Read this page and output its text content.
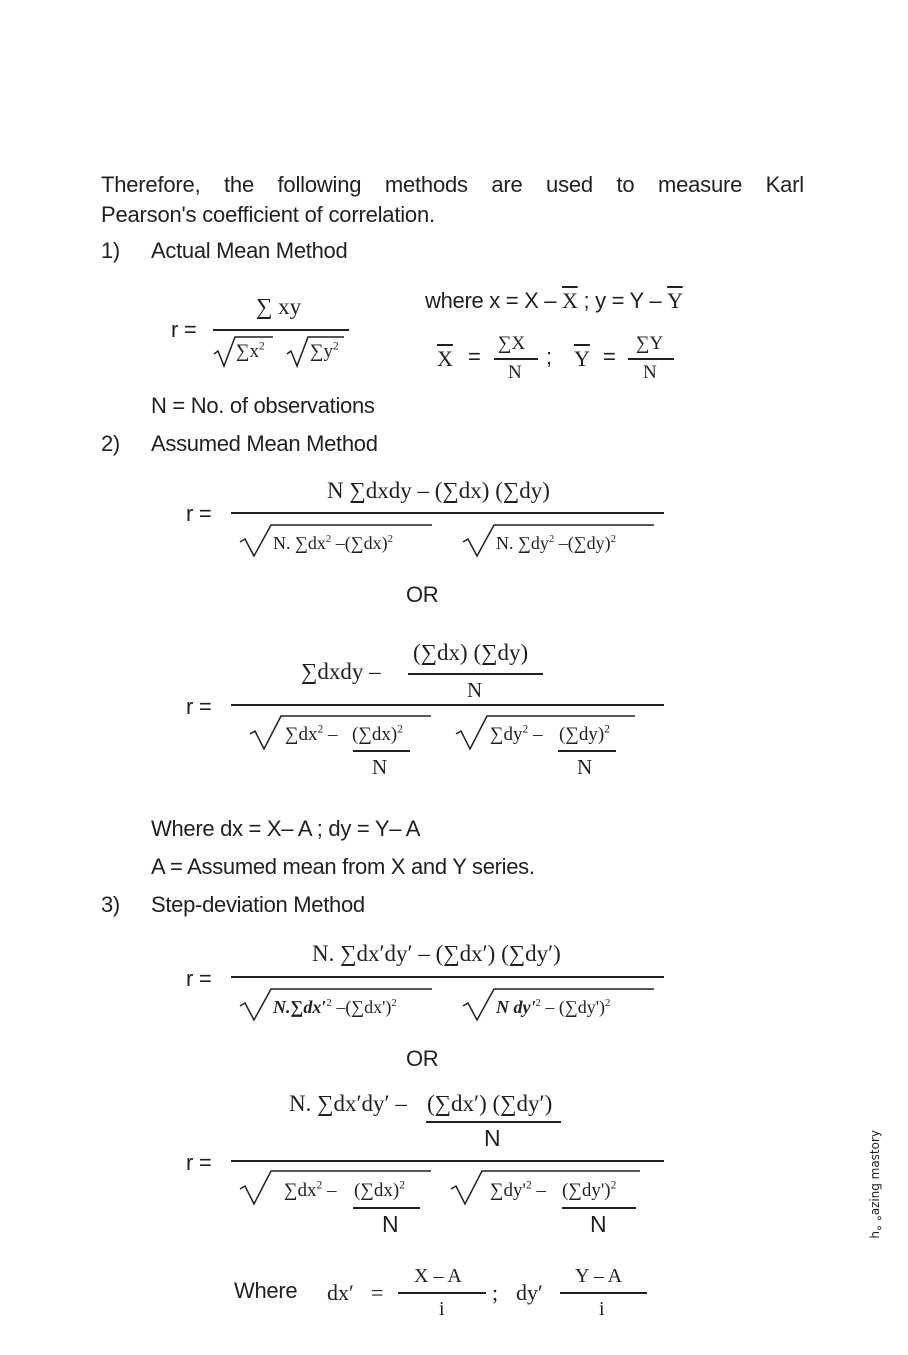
Therefore, the following methods are used to measure Karl
Pearson's coefficient of correlation.
1) Actual Mean Method
r =
∑ xy
$\sum x^2$ $\sum y^2$
where $x = X - \overline{X}$ ; $y = Y - \overline{Y}$
$\overline{X}$ =
∑X
N
; $\overline{Y}$ =
∑Y
N
N = No. of observations
2) Assumed Mean Method
r =
N ∑dxdy – (∑dx) (∑dy)
N. $\sum dx^2$ $-(\sum dx)^2$	N. $\sum dy^2$ $-(\sum dy)^2$
OR
∑dxdy –
(∑dx) (∑dy)
N
r =
$\sum dx^2 - (\sum dx)^2$
N
$\sum dy^2 - (\sum dy)^2$
N
Where dx = X– A ; dy = Y– A
A = Assumed mean from X and Y series.
3) Step-deviation Method
r =
N. ∑dx′dy′ – (∑dx′) (∑dy′)
$N.\sum dx'^2$ $-(\sum dx')^2$	N $dy'^2 - (\sum dy')^2$
OR
N. ∑dx′dy′ – (∑dx′) (∑dy′)
N
r =
$\sum dx^2 - (\sum dx)^2$
N
$\sum dy'^2 - (\sum dy')^2$
N
Where dx′ =
X – A
i
; dy′
Y – A
i
ʎɹoʇsɐɯ ƃuᴉzɐ° °ɥ
